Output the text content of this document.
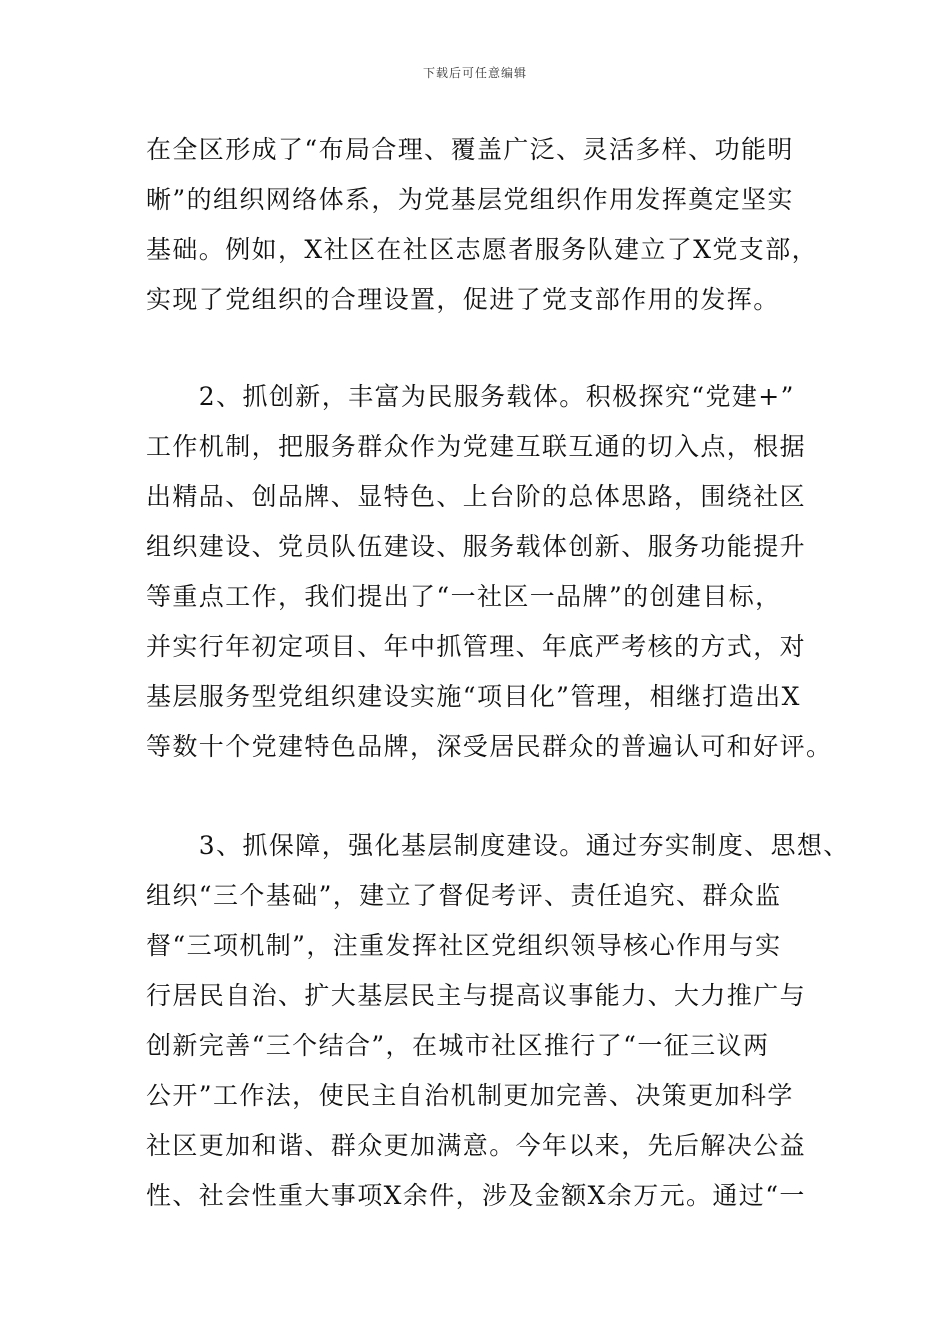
下载后可任意编辑
在全区形成了“布局合理、覆盖广泛、灵活多样、功能明
晰”的组织网络体系，为党基层党组织作用发挥奠定坚实
基础。例如，X社区在社区志愿者服务队建立了X党支部，
实现了党组织的合理设置，促进了党支部作用的发挥。
　　2、抓创新，丰富为民服务载体。积极探究“党建+”
工作机制，把服务群众作为党建互联互通的切入点，根据
出精品、创品牌、显特色、上台阶的总体思路，围绕社区
组织建设、党员队伍建设、服务载体创新、服务功能提升
等重点工作，我们提出了“一社区一品牌”的创建目标，
并实行年初定项目、年中抓管理、年底严考核的方式，对
基层服务型党组织建设实施“项目化”管理，相继打造出X
等数十个党建特色品牌，深受居民群众的普遍认可和好评。
　　3、抓保障，强化基层制度建设。通过夯实制度、思想、
组织“三个基础”，建立了督促考评、责任追究、群众监
督“三项机制”，注重发挥社区党组织领导核心作用与实
行居民自治、扩大基层民主与提高议事能力、大力推广与
创新完善“三个结合”，在城市社区推行了“一征三议两
公开”工作法，使民主自治机制更加完善、决策更加科学
社区更加和谐、群众更加满意。今年以来，先后解决公益
性、社会性重大事项X余件，涉及金额X余万元。通过“一
